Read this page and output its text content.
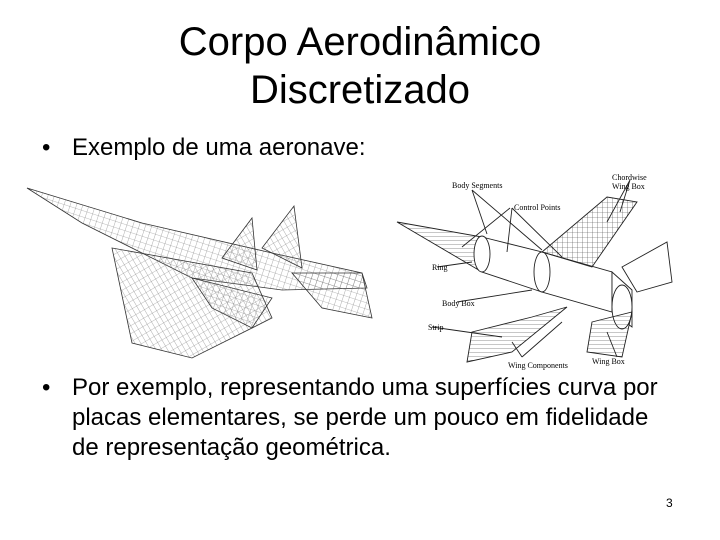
Corpo Aerodinâmico
Discretizado
• Exemplo de uma aeronave:
Body Segments
Control Points
Chordwise
Wing Box
Ring
Body Box
Strip
Wing Components	Wing Box
• Por exemplo, representando uma superfícies curva por placas elementares, se perde um pouco em fidelidade de representação geométrica.
3
